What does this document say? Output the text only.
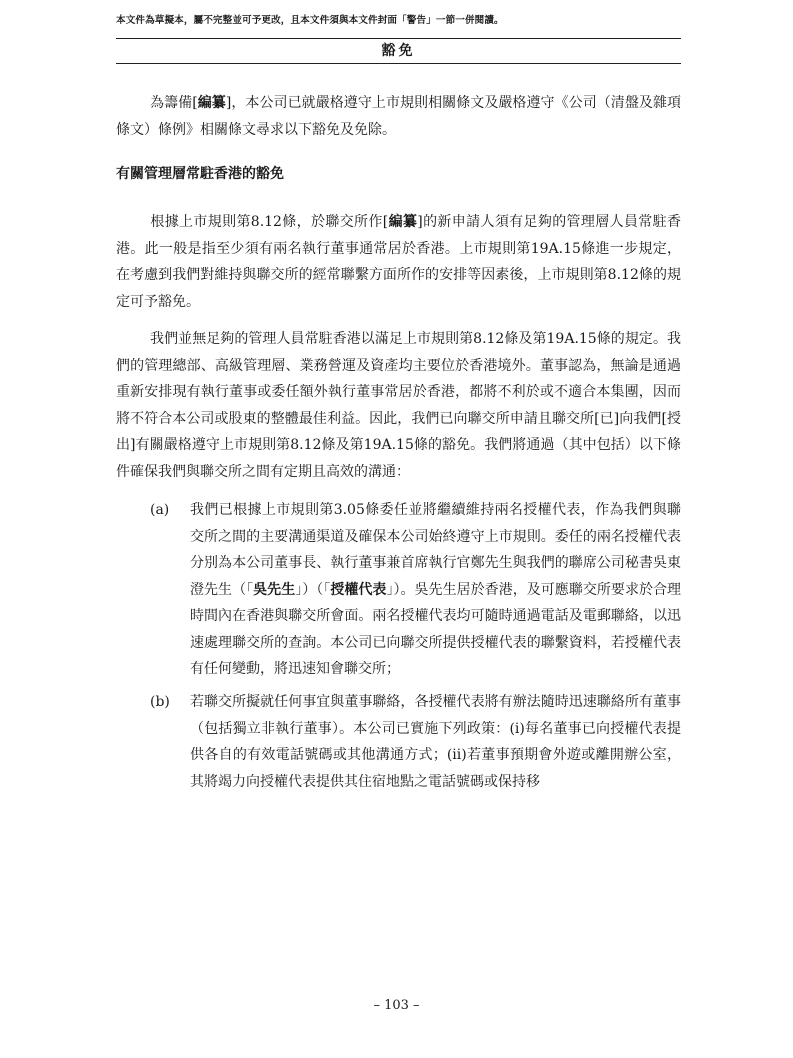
本文件為草擬本，屬不完整並可予更改，且本文件須與本文件封面「警告」一節一併閱讀。
豁免

為籌備[編纂]，本公司已就嚴格遵守上市規則相關條文及嚴格遵守《公司（清盤及雜項條文）條例》相關條文尋求以下豁免及免除。

有關管理層常駐香港的豁免

根據上市規則第8.12條，於聯交所作[編纂]的新申請人須有足夠的管理層人員常駐香港。此一般是指至少須有兩名執行董事通常居於香港。上市規則第19A.15條進一步規定，在考慮到我們對維持與聯交所的經常聯繫方面所作的安排等因素後，上市規則第8.12條的規定可予豁免。

我們並無足夠的管理人員常駐香港以滿足上市規則第8.12條及第19A.15條的規定。我們的管理總部、高級管理層、業務營運及資產均主要位於香港境外。董事認為，無論是通過重新安排現有執行董事或委任額外執行董事常居於香港，都將不利於或不適合本集團，因而將不符合本公司或股東的整體最佳利益。因此，我們已向聯交所申請且聯交所[已]向我們[授出]有關嚴格遵守上市規則第8.12條及第19A.15條的豁免。我們將通過（其中包括）以下條件確保我們與聯交所之間有定期且高效的溝通：

(a) 我們已根據上市規則第3.05條委任並將繼續維持兩名授權代表，作為我們與聯交所之間的主要溝通渠道及確保本公司始終遵守上市規則。委任的兩名授權代表分別為本公司董事長、執行董事兼首席執行官鄭先生與我們的聯席公司秘書吳東澄先生（「吳先生」）（「授權代表」）。吳先生居於香港，及可應聯交所要求於合理時間內在香港與聯交所會面。兩名授權代表均可隨時通過電話及電郵聯絡，以迅速處理聯交所的查詢。本公司已向聯交所提供授權代表的聯繫資料，若授權代表有任何變動，將迅速知會聯交所；

(b) 若聯交所擬就任何事宜與董事聯絡，各授權代表將有辦法隨時迅速聯絡所有董事（包括獨立非執行董事）。本公司已實施下列政策：(i)每名董事已向授權代表提供各自的有效電話號碼或其他溝通方式；(ii)若董事預期會外遊或離開辦公室，其將竭力向授權代表提供其住宿地點之電話號碼或保持移

– 103 –
